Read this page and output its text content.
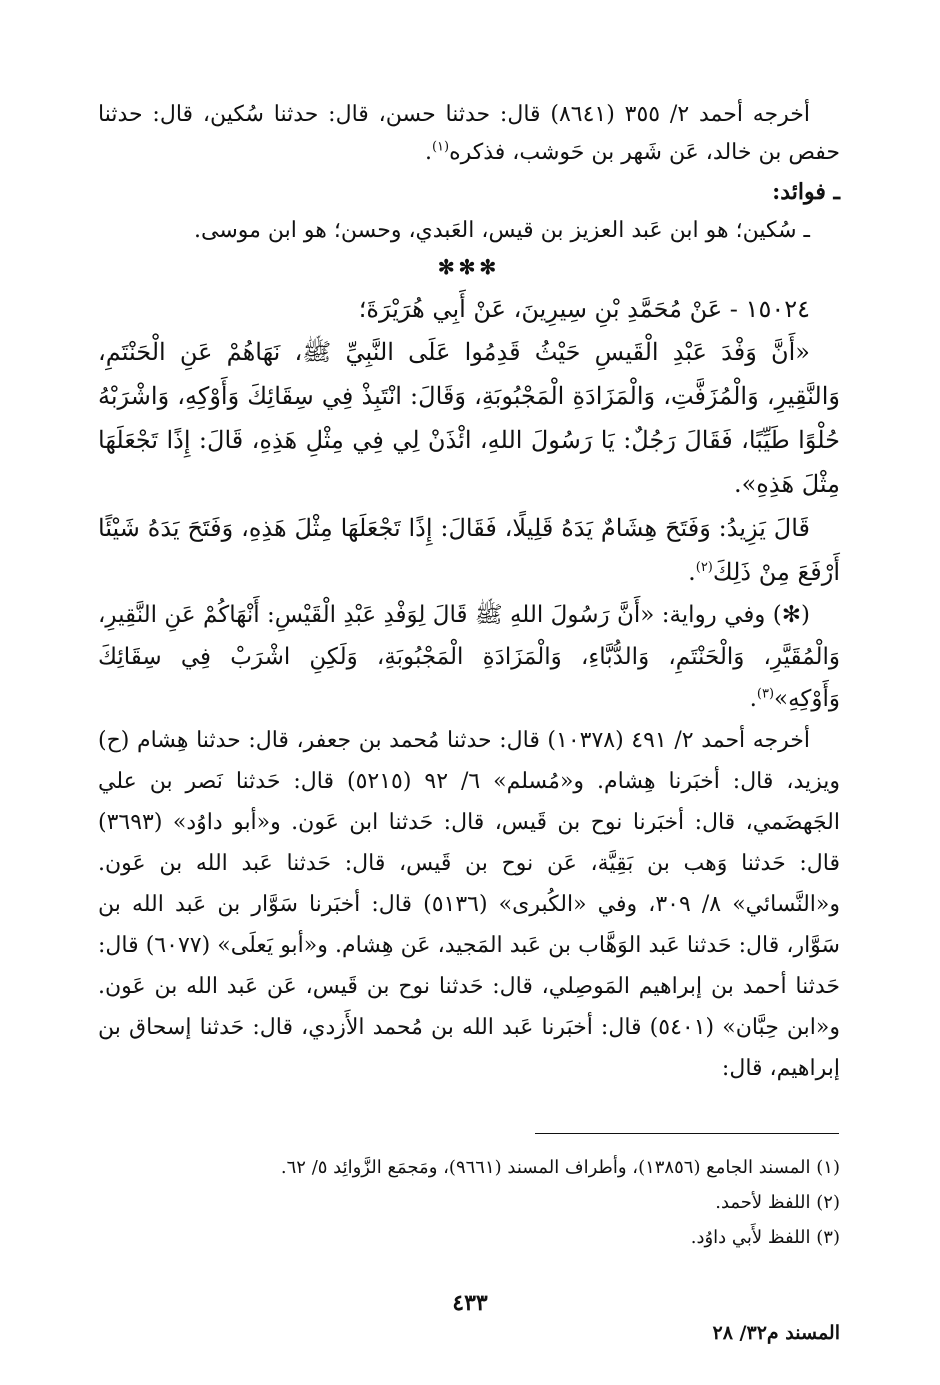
أخرجه أحمد ٢/ ٣٥٥ (٨٦٤١) قال: حدثنا حسن، قال: حدثنا سُكين، قال: حدثنا حفص بن خالد، عَن شَهر بن حَوشب، فذكره$^{(١)}$.

ـ فوائد:

ـ سُكين؛ هو ابن عَبد العزيز بن قيس، العَبدي، وحسن؛ هو ابن موسى.

✻✻✻

١٥٠٢٤ - عَنْ مُحَمَّدِ بْنِ سِيرِينَ، عَنْ أَبِي هُرَيْرَةَ؛

«أَنَّ وَفْدَ عَبْدِ الْقَيسِ حَيْثُ قَدِمُوا عَلَى النَّبِيِّ ﷺ، نَهَاهُمْ عَنِ الْحَنْتَمِ، وَالنَّقِيرِ، وَالْمُزَفَّتِ، وَالْمَزَادَةِ الْمَجْبُوبَةِ، وَقَالَ: انْتَبِذْ فِي سِقَائِكَ وَأَوْكِهِ، وَاشْرَبْهُ حُلْوًا طَيِّبًا، فَقَالَ رَجُلٌ: يَا رَسُولَ اللهِ، ائْذَنْ لِي فِي مِثْلِ هَذِهِ، قَالَ: إِذًا تَجْعَلَهَا مِثْلَ هَذِهِ».

قَالَ يَزِيدُ: وَفَتَحَ هِشَامٌ يَدَهُ قَلِيلًا، فَقَالَ: إِذًا تَجْعَلَهَا مِثْلَ هَذِهِ، وَفَتَحَ يَدَهُ شَيْئًا أَرْفَعَ مِنْ ذَلِكَ$^{(٢)}$.

(✻) وفي رواية: «أَنَّ رَسُولَ اللهِ ﷺ قَالَ لِوَفْدِ عَبْدِ الْقَيْسِ: أَنْهَاكُمْ عَنِ النَّقِيرِ، وَالْمُقَيَّرِ، وَالْحَنْتَمِ، وَالدُّبَّاءِ، وَالْمَزَادَةِ الْمَجْبُوبَةِ، وَلَكِنِ اشْرَبْ فِي سِقَائِكَ وَأَوْكِهِ»$^{(٣)}$.

أخرجه أحمد ٢/ ٤٩١ (١٠٣٧٨) قال: حدثنا مُحمد بن جعفر، قال: حدثنا هِشام (ح) ويزيد، قال: أخبَرنا هِشام. و«مُسلم» ٦/ ٩٢ (٥٢١٥) قال: حَدثنا نَصر بن علي الجَهضَمي، قال: أخبَرنا نوح بن قَيس، قال: حَدثنا ابن عَون. و«أبو داوُد» (٣٦٩٣) قال: حَدثنا وَهب بن بَقِيَّة، عَن نوح بن قَيس، قال: حَدثنا عَبد الله بن عَون. و«النَّسائي» ٨/ ٣٠٩، وفي «الكُبرى» (٥١٣٦) قال: أخبَرنا سَوَّار بن عَبد الله بن سَوَّار، قال: حَدثنا عَبد الوَهَّاب بن عَبد المَجيد، عَن هِشام. و«أبو يَعلَى» (٦٠٧٧) قال: حَدثنا أحمد بن إبراهيم المَوصِلي، قال: حَدثنا نوح بن قَيس، عَن عَبد الله بن عَون. و«ابن حِبَّان» (٥٤٠١) قال: أخبَرنا عَبد الله بن مُحمد الأَزدي، قال: حَدثنا إسحاق بن إبراهيم، قال:

(١) المسند الجامع (١٣٨٥٦)، وأطراف المسند (٩٦٦١)، ومَجمَع الزَّوائِد ٥/ ٦٢.

(٢) اللفظ لأحمد.

(٣) اللفظ لأَبي داوُد.

٤٣٣
المسند م٣٢/ ٢٨
